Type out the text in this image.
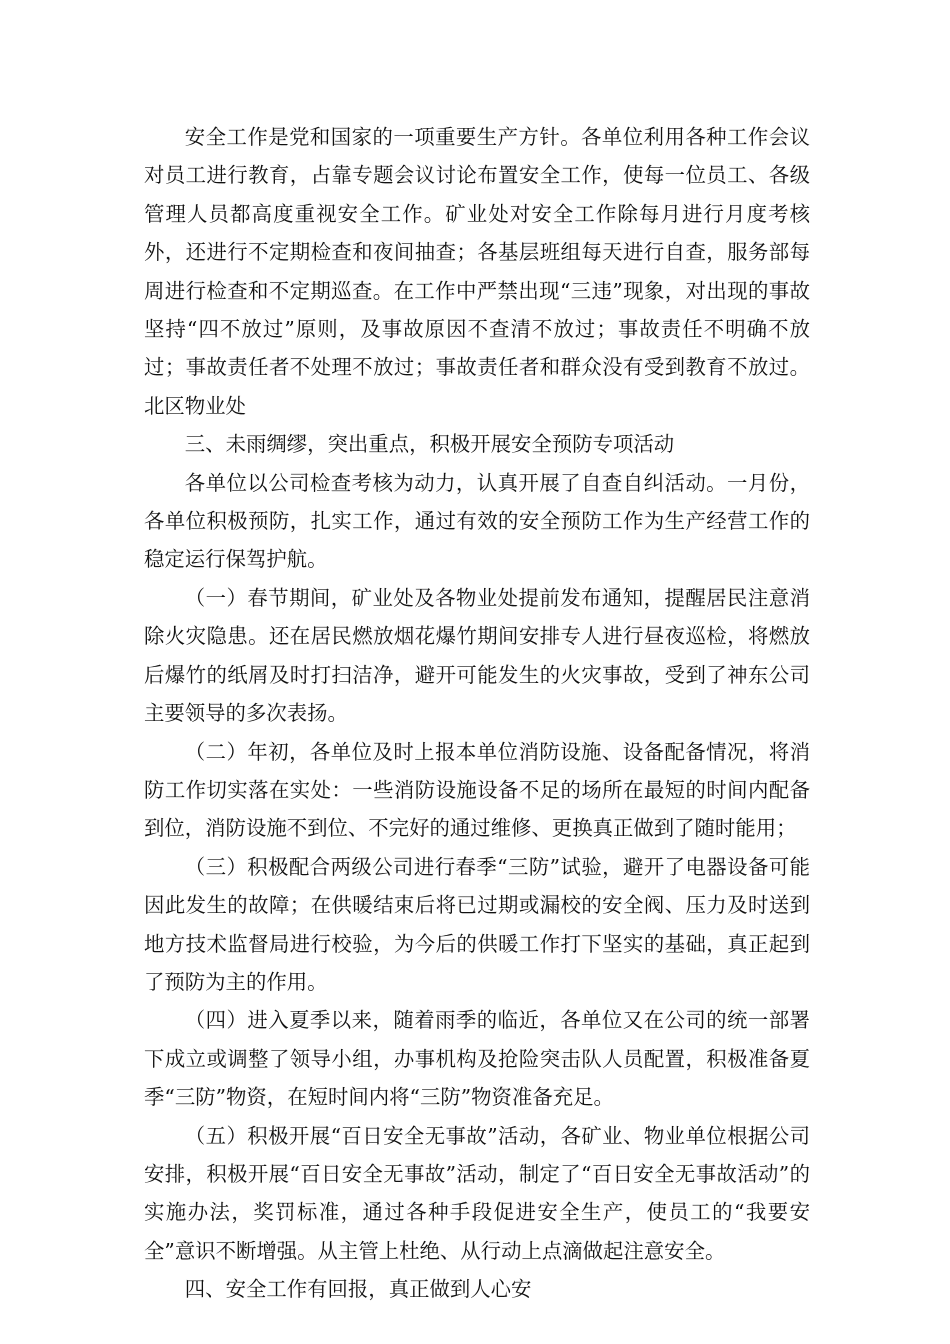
安全工作是党和国家的一项重要生产方针。各单位利用各种工作会议对员工进行教育，占靠专题会议讨论布置安全工作，使每一位员工、各级管理人员都高度重视安全工作。矿业处对安全工作除每月进行月度考核外，还进行不定期检查和夜间抽查；各基层班组每天进行自查，服务部每周进行检查和不定期巡查。在工作中严禁出现“三违”现象，对出现的事故坚持“四不放过”原则，及事故原因不查清不放过；事故责任不明确不放过；事故责任者不处理不放过；事故责任者和群众没有受到教育不放过。北区物业处

三、未雨绸缪，突出重点，积极开展安全预防专项活动

各单位以公司检查考核为动力，认真开展了自查自纠活动。一月份，各单位积极预防，扎实工作，通过有效的安全预防工作为生产经营工作的稳定运行保驾护航。

（一）春节期间，矿业处及各物业处提前发布通知，提醒居民注意消除火灾隐患。还在居民燃放烟花爆竹期间安排专人进行昼夜巡检，将燃放后爆竹的纸屑及时打扫洁净，避开可能发生的火灾事故，受到了神东公司主要领导的多次表扬。

（二）年初，各单位及时上报本单位消防设施、设备配备情况，将消防工作切实落在实处：一些消防设施设备不足的场所在最短的时间内配备到位，消防设施不到位、不完好的通过维修、更换真正做到了随时能用；

（三）积极配合两级公司进行春季“三防”试验，避开了电器设备可能因此发生的故障；在供暖结束后将已过期或漏校的安全阀、压力及时送到地方技术监督局进行校验，为今后的供暖工作打下坚实的基础，真正起到了预防为主的作用。

（四）进入夏季以来，随着雨季的临近，各单位又在公司的统一部署下成立或调整了领导小组，办事机构及抢险突击队人员配置，积极准备夏季“三防”物资，在短时间内将“三防”物资准备充足。

（五）积极开展“百日安全无事故”活动，各矿业、物业单位根据公司安排，积极开展“百日安全无事故”活动，制定了“百日安全无事故活动”的实施办法，奖罚标准，通过各种手段促进安全生产，使员工的“我要安全”意识不断增强。从主管上杜绝、从行动上点滴做起注意安全。

四、安全工作有回报，真正做到人心安
